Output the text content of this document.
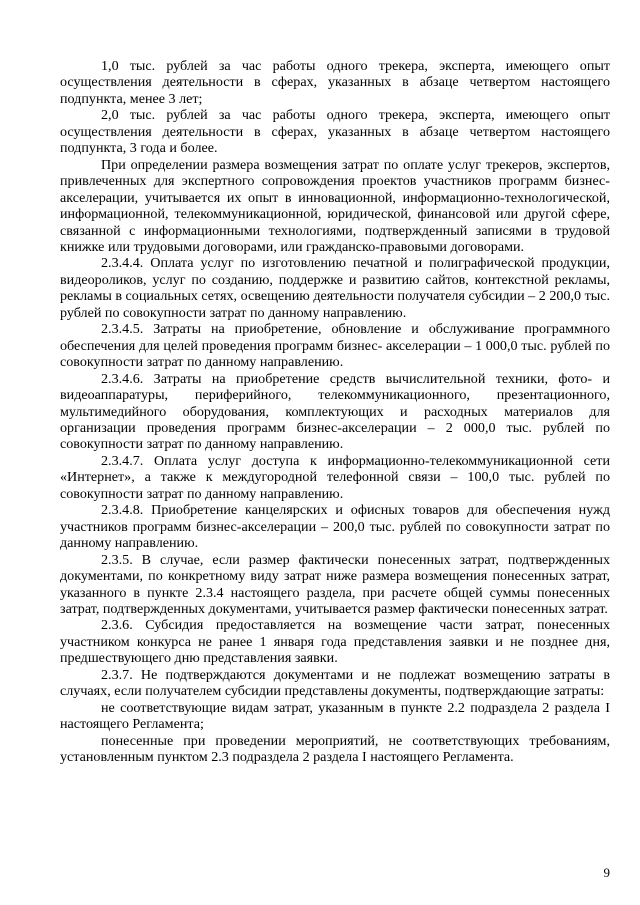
1,0 тыс. рублей за час работы одного трекера, эксперта, имеющего опыт осуществления деятельности в сферах, указанных в абзаце четвертом настоящего подпункта, менее 3 лет;

2,0 тыс. рублей за час работы одного трекера, эксперта, имеющего опыт осуществления деятельности в сферах, указанных в абзаце четвертом настоящего подпункта, 3 года и более.

При определении размера возмещения затрат по оплате услуг трекеров, экспертов, привлеченных для экспертного сопровождения проектов участников программ бизнес-акселерации, учитывается их опыт в инновационной, информационно-технологической, информационной, телекоммуникационной, юридической, финансовой или другой сфере, связанной с информационными технологиями, подтвержденный записями в трудовой книжке или трудовыми договорами, или гражданско-правовыми договорами.

2.3.4.4. Оплата услуг по изготовлению печатной и полиграфической продукции, видеороликов, услуг по созданию, поддержке и развитию сайтов, контекстной рекламы, рекламы в социальных сетях, освещению деятельности получателя субсидии – 2 200,0 тыс. рублей по совокупности затрат по данному направлению.

2.3.4.5. Затраты на приобретение, обновление и обслуживание программного обеспечения для целей проведения программ бизнес- акселерации – 1 000,0 тыс. рублей по совокупности затрат по данному направлению.

2.3.4.6. Затраты на приобретение средств вычислительной техники, фото- и видеоаппаратуры, периферийного, телекоммуникационного, презентационного, мультимедийного оборудования, комплектующих и расходных материалов для организации проведения программ бизнес-акселерации – 2 000,0 тыс. рублей по совокупности затрат по данному направлению.

2.3.4.7. Оплата услуг доступа к информационно-телекоммуникационной сети «Интернет», а также к междугородной телефонной связи – 100,0 тыс. рублей по совокупности затрат по данному направлению.

2.3.4.8. Приобретение канцелярских и офисных товаров для обеспечения нужд участников программ бизнес-акселерации – 200,0 тыс. рублей по совокупности затрат по данному направлению.

2.3.5. В случае, если размер фактически понесенных затрат, подтвержденных документами, по конкретному виду затрат ниже размера возмещения понесенных затрат, указанного в пункте 2.3.4 настоящего раздела, при расчете общей суммы понесенных затрат, подтвержденных документами, учитывается размер фактически понесенных затрат.

2.3.6. Субсидия предоставляется на возмещение части затрат, понесенных участником конкурса не ранее 1 января года представления заявки и не позднее дня, предшествующего дню представления заявки.

2.3.7. Не подтверждаются документами и не подлежат возмещению затраты в случаях, если получателем субсидии представлены документы, подтверждающие затраты:

не соответствующие видам затрат, указанным в пункте 2.2 подраздела 2 раздела I настоящего Регламента;

понесенные при проведении мероприятий, не соответствующих требованиям, установленным пунктом 2.3 подраздела 2 раздела I настоящего Регламента.

9
